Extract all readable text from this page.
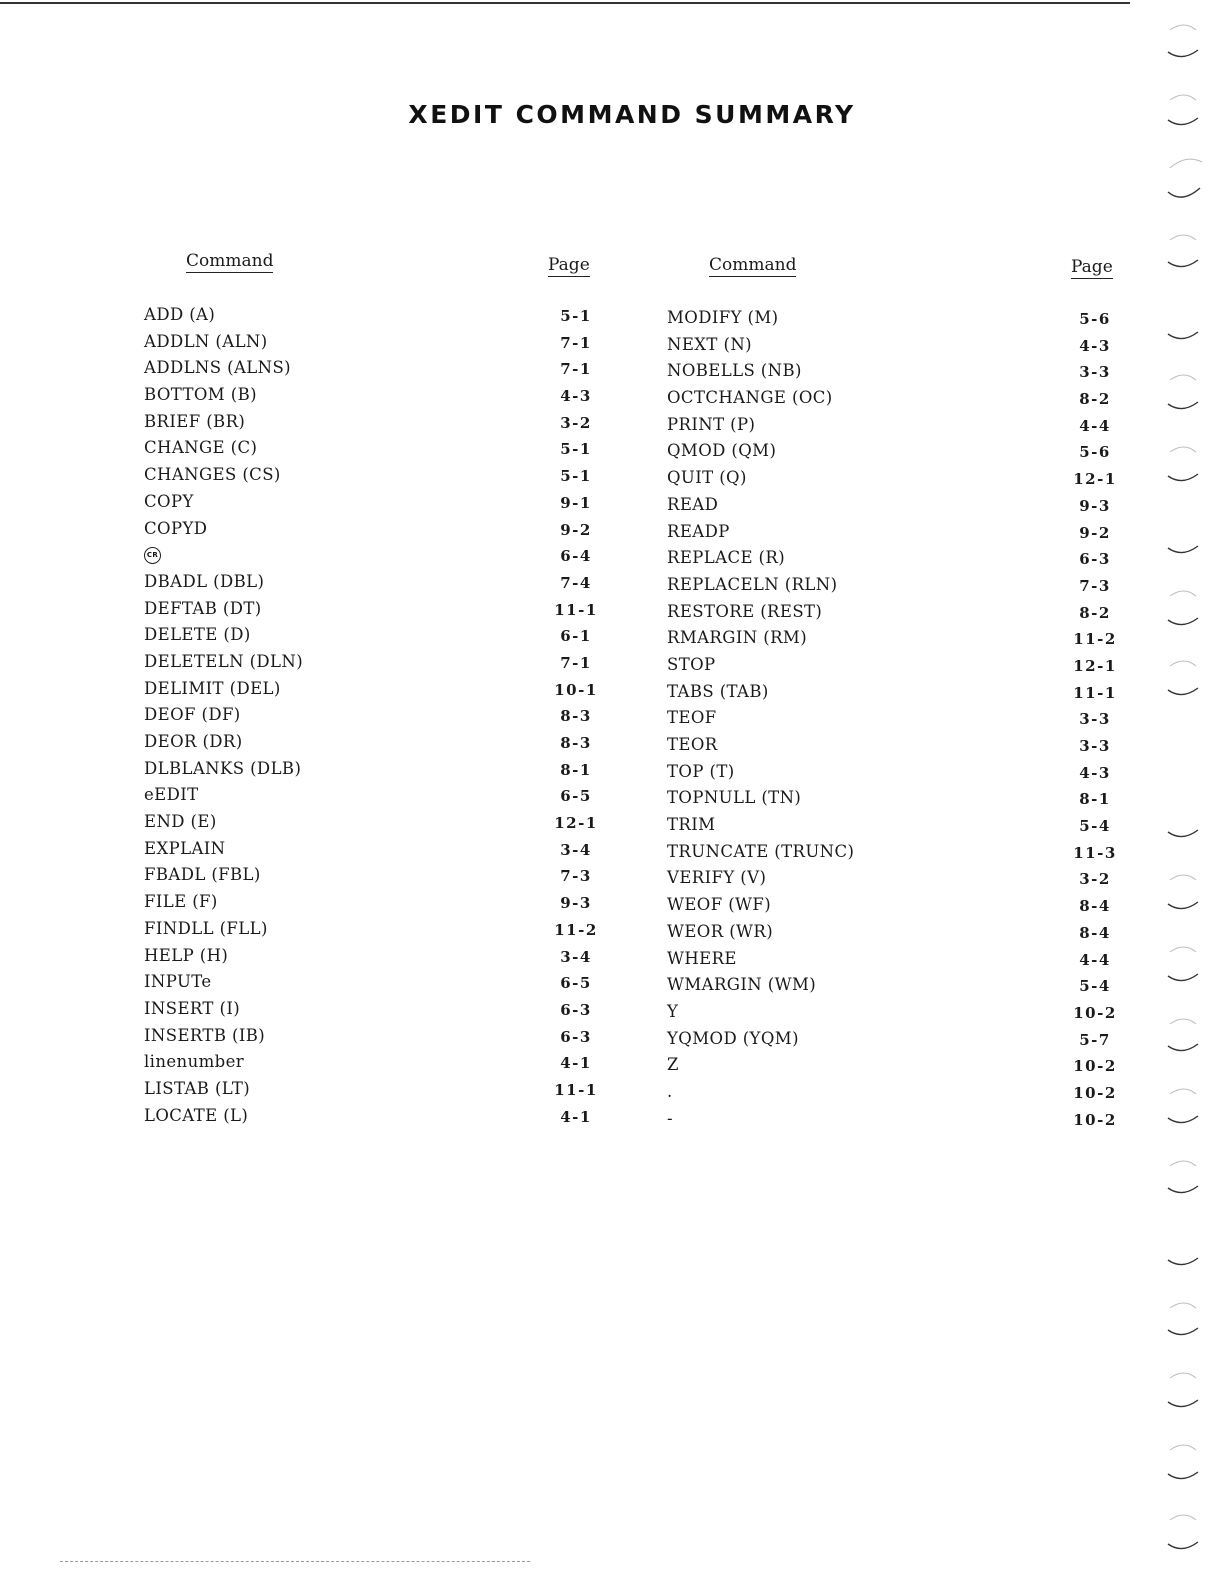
XEDIT COMMAND SUMMARY
Command	Page	Command	Page
ADD (A)	5-1
ADDLN (ALN)	7-1
ADDLNS (ALNS)	7-1
BOTTOM (B)	4-3
BRIEF (BR)	3-2
CHANGE (C)	5-1
CHANGES (CS)	5-1
COPY	9-1
COPYD	9-2
CR	6-4
DBADL (DBL)	7-4
DEFTAB (DT)	11-1
DELETE (D)	6-1
DELETELN (DLN)	7-1
DELIMIT (DEL)	10-1
DEOF (DF)	8-3
DEOR (DR)	8-3
DLBLANKS (DLB)	8-1
eEDIT	6-5
END (E)	12-1
EXPLAIN	3-4
FBADL (FBL)	7-3
FILE (F)	9-3
FINDLL (FLL)	11-2
HELP (H)	3-4
INPUTe	6-5
INSERT (I)	6-3
INSERTB (IB)	6-3
linenumber	4-1
LISTAB (LT)	11-1
LOCATE (L)	4-1
MODIFY (M)	5-6
NEXT (N)	4-3
NOBELLS (NB)	3-3
OCTCHANGE (OC)	8-2
PRINT (P)	4-4
QMOD (QM)	5-6
QUIT (Q)	12-1
READ	9-3
READP	9-2
REPLACE (R)	6-3
REPLACELN (RLN)	7-3
RESTORE (REST)	8-2
RMARGIN (RM)	11-2
STOP	12-1
TABS (TAB)	11-1
TEOF	3-3
TEOR	3-3
TOP (T)	4-3
TOPNULL (TN)	8-1
TRIM	5-4
TRUNCATE (TRUNC)	11-3
VERIFY (V)	3-2
WEOF (WF)	8-4
WEOR (WR)	8-4
WHERE	4-4
WMARGIN (WM)	5-4
Y	10-2
YQMOD (YQM)	5-7
Z	10-2
.	10-2
-	10-2
